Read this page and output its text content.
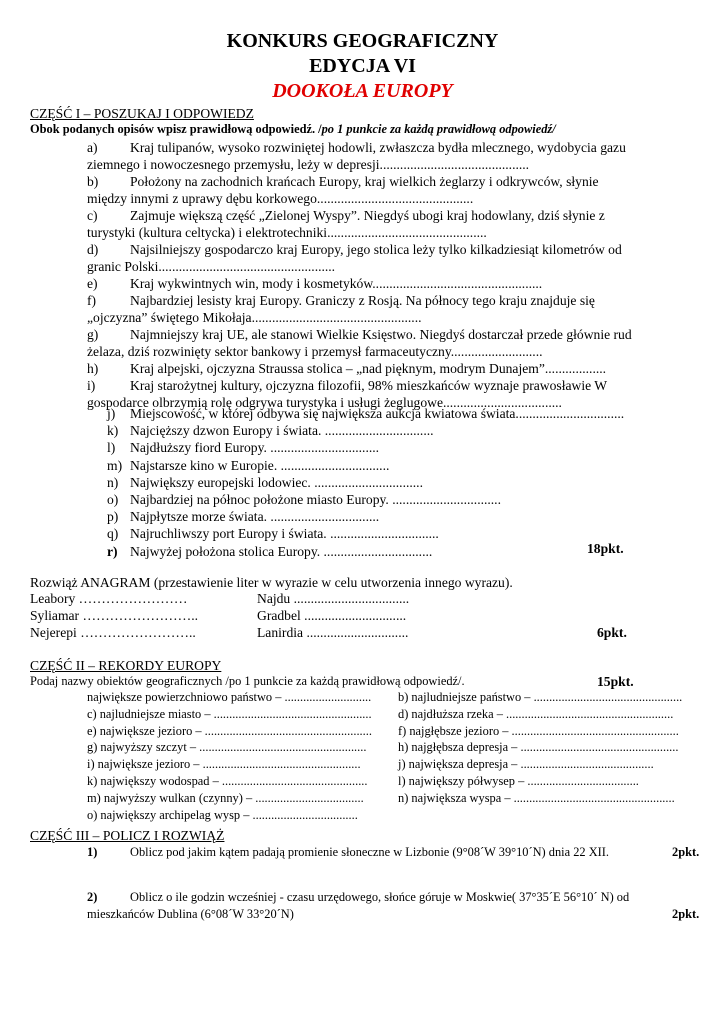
KONKURS GEOGRAFICZNY
EDYCJA VI
DOOKOŁA EUROPY
CZĘŚĆ I – POSZUKAJ I ODPOWIEDZ
Obok podanych opisów wpisz prawidłową odpowiedź. /po 1 punkcie za każdą prawidłową odpowiedź/
a) Kraj tulipanów, wysoko rozwiniętej hodowli, zwłaszcza bydła mlecznego, wydobycia gazu
ziemnego i nowoczesnego przemysłu, leży w depresji............................................
b) Położony na zachodnich krańcach Europy, kraj wielkich żeglarzy i odkrywców, słynie
między innymi z uprawy dębu korkowego..............................................
c) Zajmuje większą część „Zielonej Wyspy”. Niegdyś ubogi kraj hodowlany, dziś słynie z
turystyki (kultura celtycka) i elektrotechniki...............................................
d) Najsilniejszy gospodarczo kraj Europy, jego stolica leży tylko kilkadziesiąt kilometrów od
granic Polski....................................................
e) Kraj wykwintnych win, mody i kosmetyków..................................................
f) Najbardziej lesisty kraj Europy. Graniczy z Rosją. Na północy tego kraju znajduje się
„ojczyzna” świętego Mikołaja..................................................
g) Najmniejszy kraj UE, ale stanowi Wielkie Księstwo. Niegdyś dostarczał przede głównie rud
żelaza, dziś rozwinięty sektor bankowy i przemysł farmaceutyczny...........................
h) Kraj alpejski, ojczyzna Straussa stolica – „nad pięknym, modrym Dunajem”..................
i)	Kraj starożytnej kultury, ojczyzna filozofii, 98% mieszkańców wyznaje prawosławie W
gospodarce olbrzymią rolę odgrywa turystyka i usługi żeglugowe...................................
j) Miejscowość, w której odbywa się największa aukcja kwiatowa świata................................
k) Najcięższy dzwon Europy i świata. ................................
l) Najdłuższy fiord Europy. ................................
m) Najstarsze kino w Europie. ................................
n) Największy europejski lodowiec. ................................
o) Najbardziej na północ położone miasto Europy. ................................
p) Najpłytsze morze świata. ................................
q) Najruchliwszy port Europy i świata. ................................
r) Najwyżej położona stolica Europy. ................................	18pkt.
Rozwiąż ANAGRAM (przestawienie liter w wyrazie w celu utworzenia innego wyrazu).
Leabory ……………………	Najdu ..................................
Syliamar ……………………..	Gradbel ..............................
Nejerepi ……………………..	Lanirdia ..............................	6pkt.
CZĘŚĆ II – REKORDY EUROPY
Podaj nazwy obiektów geograficznych /po 1 punkcie za każdą prawidłową odpowiedź/.	15pkt.
największe powierzchniowo państwo – ............................ b) najludniejsze państwo – ................................................
c) najludniejsze miasto – ................................................... d) najdłuższa rzeka – ......................................................
e) największe jezioro – ...................................................... f) najgłębsze jezioro – ......................................................
g) najwyższy szczyt – ......................................................	h) najgłębsza depresja – ...................................................
i) największe jezioro – ...................................................	j) największa depresja – ...........................................
k) największy wodospad – ............................................... l) największy półwysep – ....................................
m) najwyższy wulkan (czynny) – ...................................	n) największa wyspa – ....................................................
o) największy archipelag wysp – ..................................
CZĘŚĆ III – POLICZ I ROZWIĄŻ
1)	Oblicz pod jakim kątem padają promienie słoneczne w Lizbonie (9°08´W 39°10´N) dnia 22 XII.	2pkt.
2)	Oblicz o ile godzin wcześniej - czasu urzędowego, słońce góruje w Moskwie( 37°35´E 56°10´ N) od
mieszkańców Dublina (6°08´W 33°20´N)	2pkt.
